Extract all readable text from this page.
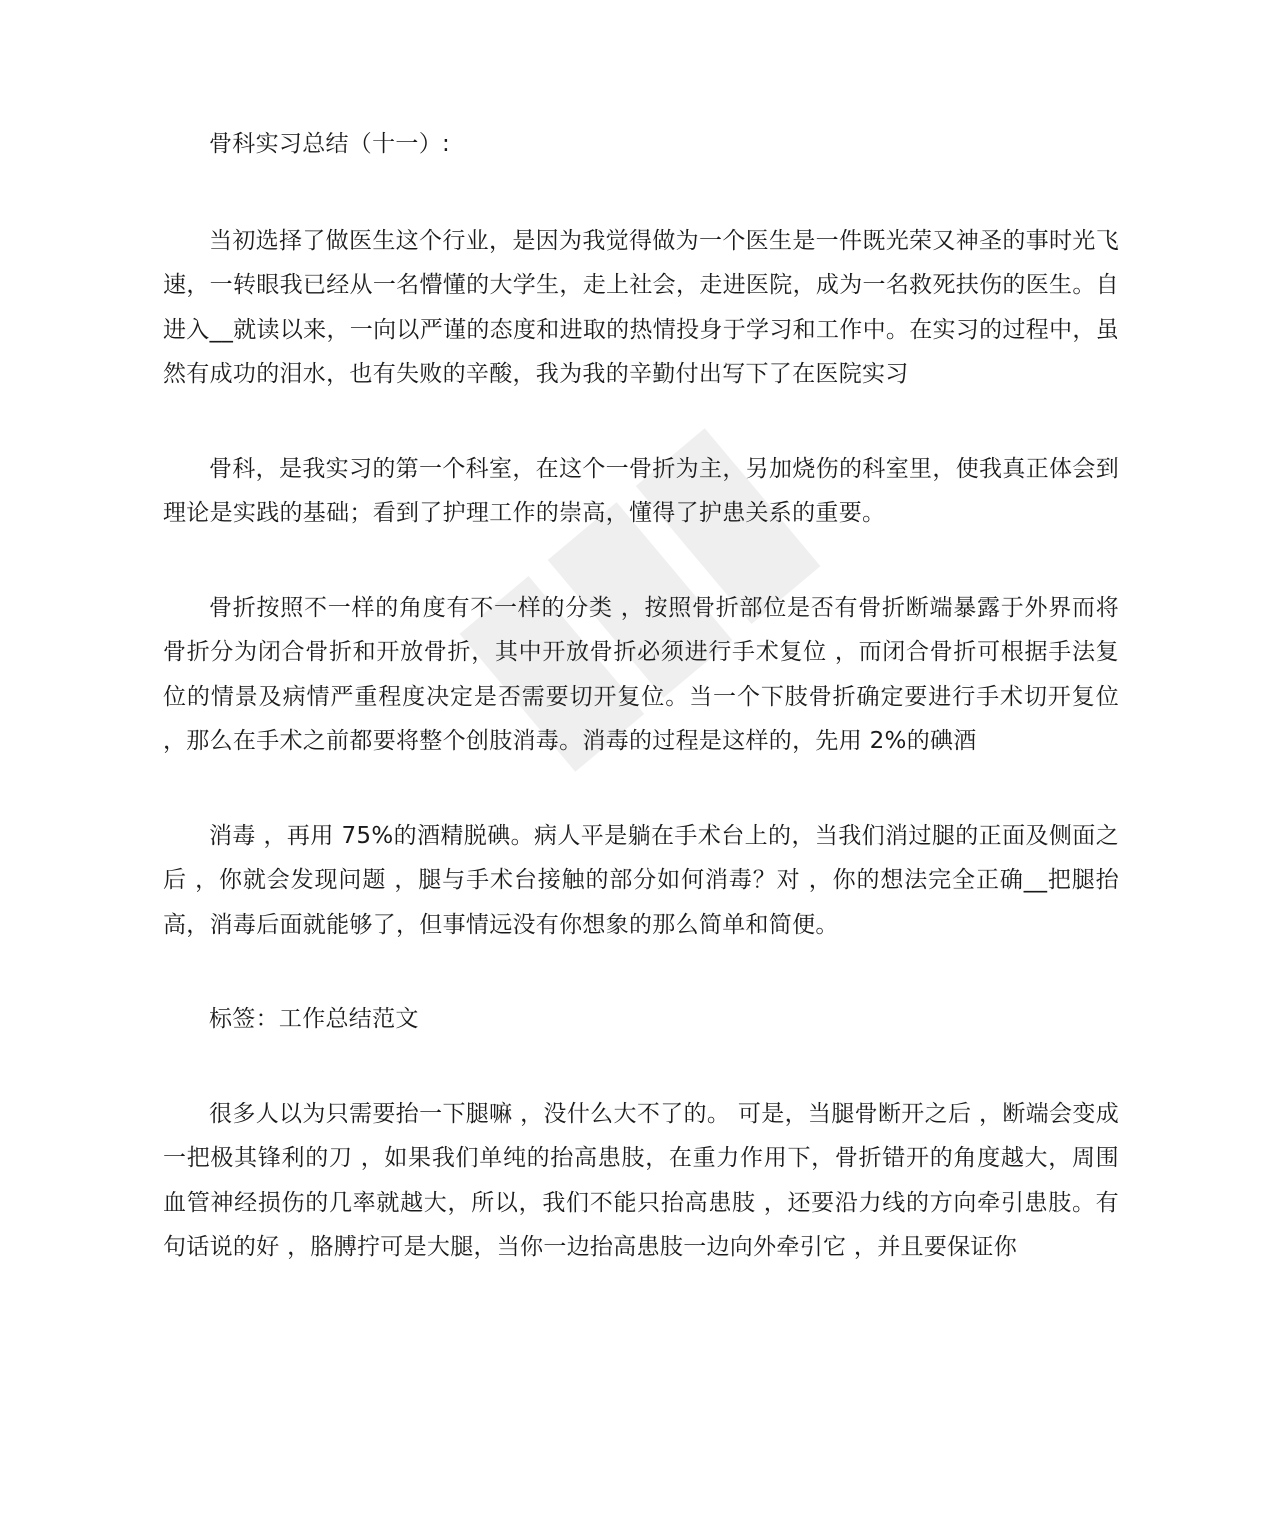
骨科实习总结（十一）:

当初选择了做医生这个行业，是因为我觉得做为一个医生是一件既光荣又神圣的事时光飞速，一转眼我已经从一名懵懂的大学生，走上社会，走进医院，成为一名救死扶伤的医生。自进入__就读以来，一向以严谨的态度和进取的热情投身于学习和工作中。在实习的过程中，虽然有成功的泪水，也有失败的辛酸，我为我的辛勤付出写下了在医院实习

骨科，是我实习的第一个科室，在这个一骨折为主，另加烧伤的科室里，使我真正体会到理论是实践的基础；看到了护理工作的崇高，懂得了护患关系的重要。

骨折按照不一样的角度有不一样的分类 ，按照骨折部位是否有骨折断端暴露于外界而将骨折分为闭合骨折和开放骨折，其中开放骨折必须进行手术复位 ，而闭合骨折可根据手法复位的情景及病情严重程度决定是否需要切开复位。当一个下肢骨折确定要进行手术切开复位 ，那么在手术之前都要将整个创肢消毒。消毒的过程是这样的，先用 2%的碘酒

消毒 ，再用 75%的酒精脱碘。病人平是躺在手术台上的，当我们消过腿的正面及侧面之后 ，你就会发现问题 ，腿与手术台接触的部分如何消毒？对 ，你的想法完全正确__把腿抬高，消毒后面就能够了，但事情远没有你想象的那么简单和简便。

标签：工作总结范文

很多人以为只需要抬一下腿嘛 ，没什么大不了的。 可是，当腿骨断开之后 ，断端会变成一把极其锋利的刀 ，如果我们单纯的抬高患肢，在重力作用下，骨折错开的角度越大，周围血管神经损伤的几率就越大，所以，我们不能只抬高患肢 ，还要沿力线的方向牵引患肢。有句话说的好 ，胳膊拧可是大腿，当你一边抬高患肢一边向外牵引它 ，并且要保证你
